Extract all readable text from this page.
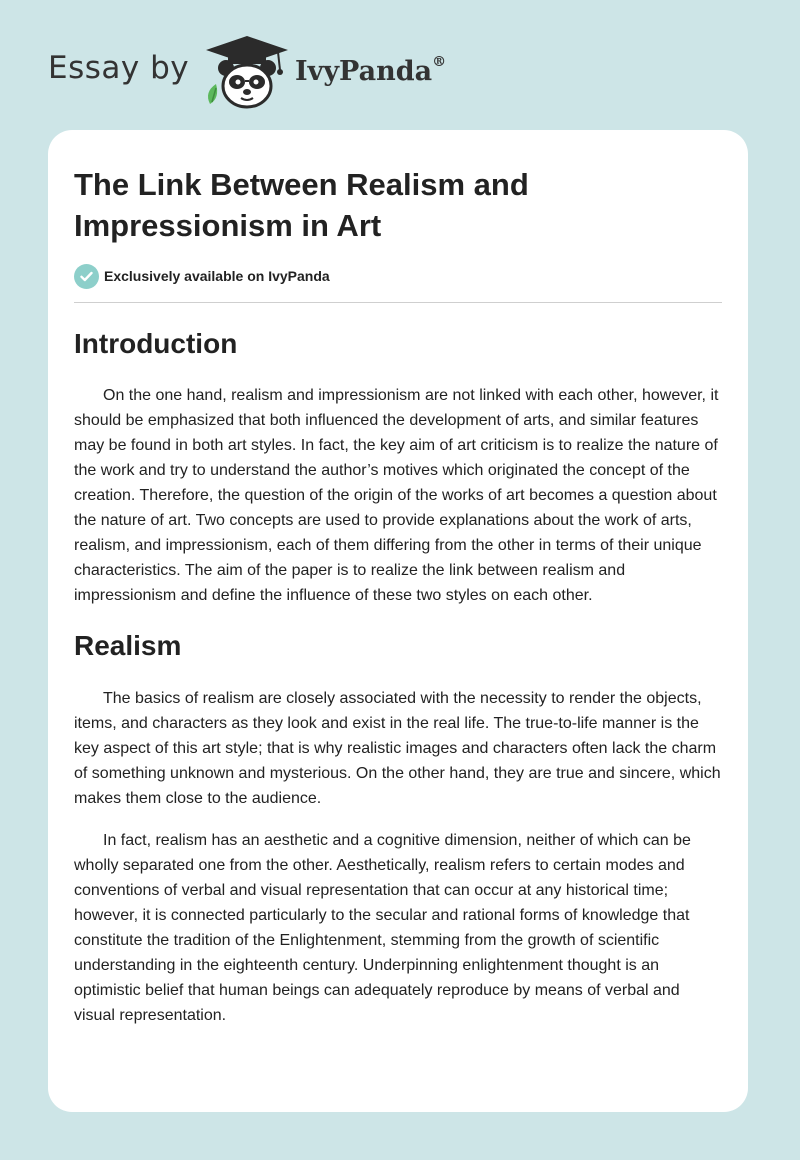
Essay by	IvyPanda®
The Link Between Realism and Impressionism in Art
Exclusively available on IvyPanda
Introduction

On the one hand, realism and impressionism are not linked with each other, however, it should be emphasized that both influenced the development of arts, and similar features may be found in both art styles. In fact, the key aim of art criticism is to realize the nature of the work and try to understand the author’s motives which originated the concept of the creation. Therefore, the question of the origin of the works of art becomes a question about the nature of art. Two concepts are used to provide explanations about the work of arts, realism, and impressionism, each of them differing from the other in terms of their unique characteristics. The aim of the paper is to realize the link between realism and impressionism and define the influence of these two styles on each other.

Realism

The basics of realism are closely associated with the necessity to render the objects, items, and characters as they look and exist in the real life. The true-to-life manner is the key aspect of this art style; that is why realistic images and characters often lack the charm of something unknown and mysterious. On the other hand, they are true and sincere, which makes them close to the audience.

In fact, realism has an aesthetic and a cognitive dimension, neither of which can be wholly separated one from the other. Aesthetically, realism refers to certain modes and conventions of verbal and visual representation that can occur at any historical time; however, it is connected particularly to the secular and rational forms of knowledge that constitute the tradition of the Enlightenment, stemming from the growth of scientific understanding in the eighteenth century. Underpinning enlightenment thought is an optimistic belief that human beings can adequately reproduce by means of verbal and visual representation.
